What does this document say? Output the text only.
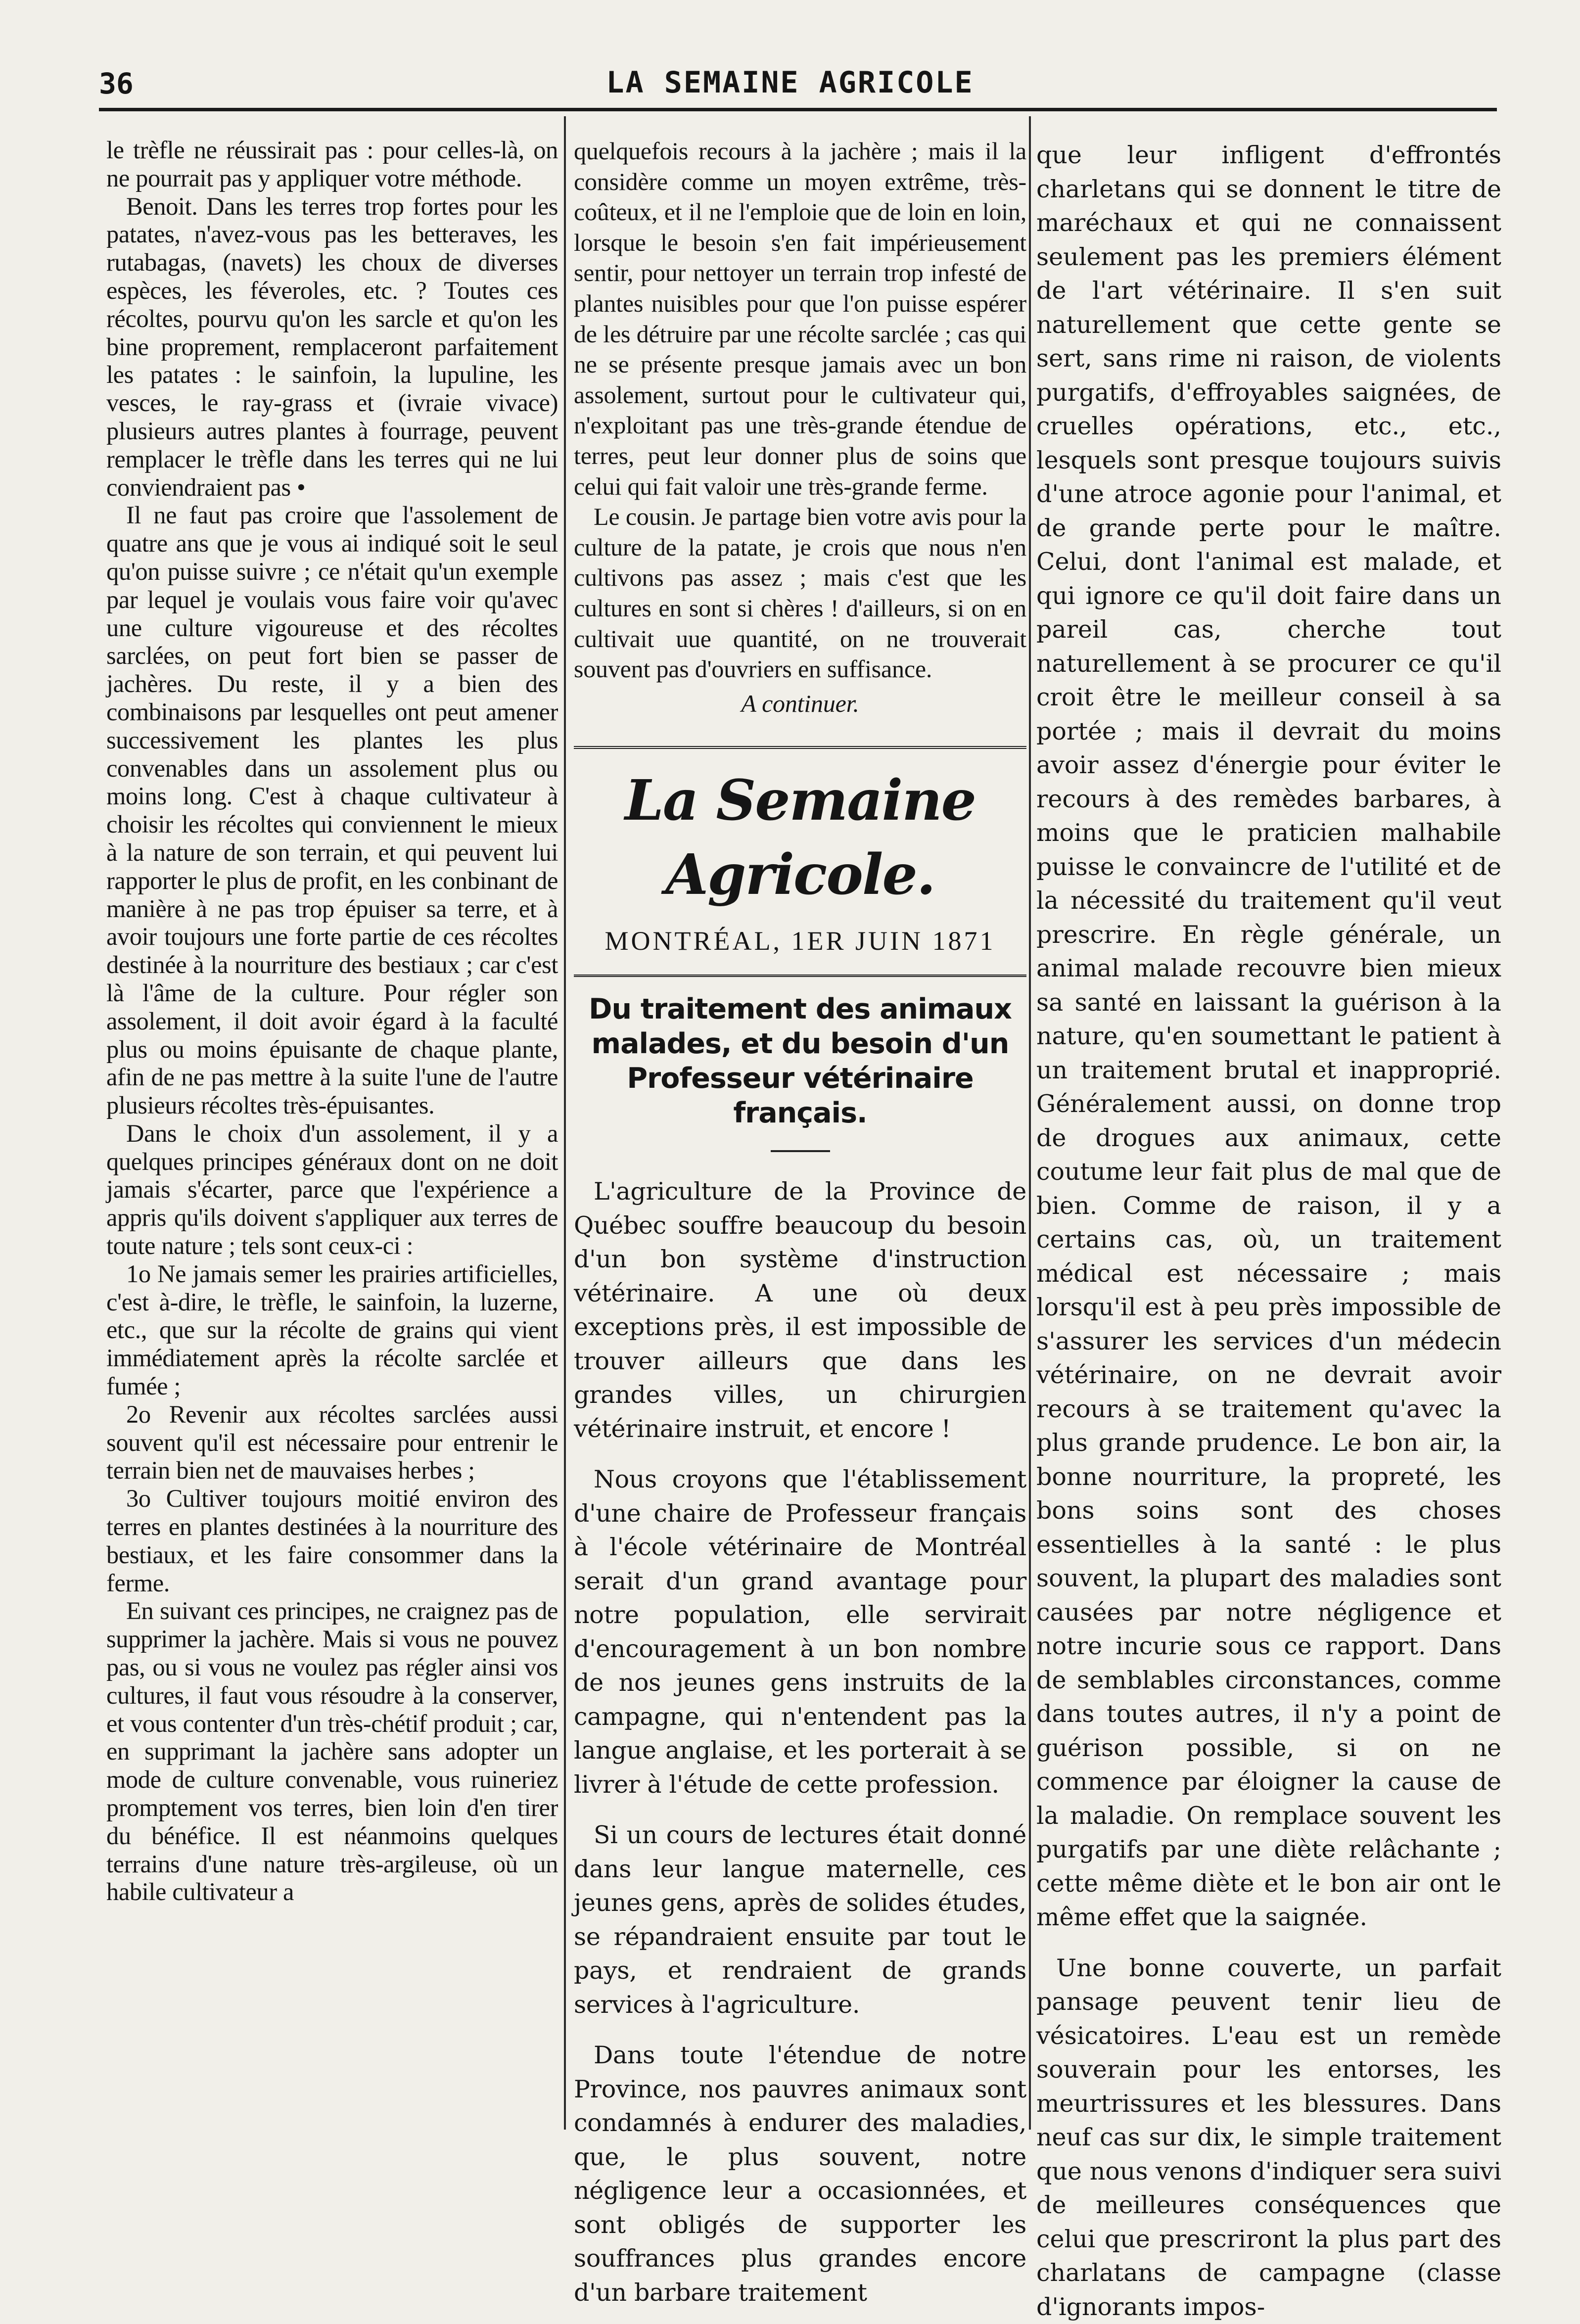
36	LA SEMAINE AGRICOLE

le trèfle ne réussirait pas : pour celles-là, on ne pourrait pas y appliquer votre méthode.

Benoit. Dans les terres trop fortes pour les patates, n'avez-vous pas les betteraves, les rutabagas, (navets) les choux de diverses espèces, les féveroles, etc. ? Toutes ces récoltes, pourvu qu'on les sarcle et qu'on les bine proprement, remplaceront parfaitement les patates : le sainfoin, la lupuline, les vesces, le ray-grass et (ivraie vivace) plusieurs autres plantes à fourrage, peuvent remplacer le trèfle dans les terres qui ne lui conviendraient pas •

Il ne faut pas croire que l'assolement de quatre ans que je vous ai indiqué soit le seul qu'on puisse suivre ; ce n'était qu'un exemple par lequel je voulais vous faire voir qu'avec une culture vigoureuse et des récoltes sarclées, on peut fort bien se passer de jachères. Du reste, il y a bien des combinaisons par lesquelles ont peut amener successivement les plantes les plus convenables dans un assolement plus ou moins long. C'est à chaque cultivateur à choisir les récoltes qui conviennent le mieux à la nature de son terrain, et qui peuvent lui rapporter le plus de profit, en les conbinant de manière à ne pas trop épuiser sa terre, et à avoir toujours une forte partie de ces récoltes destinée à la nourriture des bestiaux ; car c'est là l'âme de la culture. Pour régler son assolement, il doit avoir égard à la faculté plus ou moins épuisante de chaque plante, afin de ne pas mettre à la suite l'une de l'autre plusieurs récoltes très-épuisantes.

Dans le choix d'un assolement, il y a quelques principes généraux dont on ne doit jamais s'écarter, parce que l'expérience a appris qu'ils doivent s'appliquer aux terres de toute nature ; tels sont ceux-ci :

1o Ne jamais semer les prairies artificielles, c'est à-dire, le trèfle, le sainfoin, la luzerne, etc., que sur la récolte de grains qui vient immédiatement après la récolte sarclée et fumée ;

2o Revenir aux récoltes sarclées aussi souvent qu'il est nécessaire pour entrenir le terrain bien net de mauvaises herbes ;

3o Cultiver toujours moitié environ des terres en plantes destinées à la nourriture des bestiaux, et les faire consommer dans la ferme.

En suivant ces principes, ne craignez pas de supprimer la jachère. Mais si vous ne pouvez pas, ou si vous ne voulez pas régler ainsi vos cultures, il faut vous résoudre à la conserver, et vous contenter d'un très-chétif produit ; car, en supprimant la jachère sans adopter un mode de culture convenable, vous ruineriez promptement vos terres, bien loin d'en tirer du bénéfice. Il est néanmoins quelques terrains d'une nature très-argileuse, où un habile cultivateur a

quelquefois recours à la jachère ; mais il la considère comme un moyen extrême, très-coûteux, et il ne l'emploie que de loin en loin, lorsque le besoin s'en fait impérieusement sentir, pour nettoyer un terrain trop infesté de plantes nuisibles pour que l'on puisse espérer de les détruire par une récolte sarclée ; cas qui ne se présente presque jamais avec un bon assolement, surtout pour le cultivateur qui, n'exploitant pas une très-grande étendue de terres, peut leur donner plus de soins que celui qui fait valoir une très-grande ferme.

Le cousin. Je partage bien votre avis pour la culture de la patate, je crois que nous n'en cultivons pas assez ; mais c'est que les cultures en sont si chères ! d'ailleurs, si on en cultivait uue quantité, on ne trouverait souvent pas d'ouvriers en suffisance.

A continuer.

La Semaine Agricole.
MONTRÉAL, 1ER JUIN 1871
Du traitement des animaux malades, et du besoin d'un Professeur vétérinaire français.

L'agriculture de la Province de Québec souffre beaucoup du besoin d'un bon système d'instruction vétérinaire. A une où deux exceptions près, il est impossible de trouver ailleurs que dans les grandes villes, un chirurgien vétérinaire instruit, et encore !

Nous croyons que l'établissement d'une chaire de Professeur français à l'école vétérinaire de Montréal serait d'un grand avantage pour notre population, elle servirait d'encouragement à un bon nombre de nos jeunes gens instruits de la campagne, qui n'entendent pas la langue anglaise, et les porterait à se livrer à l'étude de cette profession.

Si un cours de lectures était donné dans leur langue maternelle, ces jeunes gens, après de solides études, se répandraient ensuite par tout le pays, et rendraient de grands services à l'agriculture.

Dans toute l'étendue de notre Province, nos pauvres animaux sont condamnés à endurer des maladies, que, le plus souvent, notre négligence leur a occasionnées, et sont obligés de supporter les souffrances plus grandes encore d'un barbare traitement

que leur infligent d'effrontés charletans qui se donnent le titre de maréchaux et qui ne connaissent seulement pas les premiers élément de l'art vétérinaire. Il s'en suit naturellement que cette gente se sert, sans rime ni raison, de violents purgatifs, d'effroyables saignées, de cruelles opérations, etc., etc., lesquels sont presque toujours suivis d'une atroce agonie pour l'animal, et de grande perte pour le maître. Celui, dont l'animal est malade, et qui ignore ce qu'il doit faire dans un pareil cas, cherche tout naturellement à se procurer ce qu'il croit être le meilleur conseil à sa portée ; mais il devrait du moins avoir assez d'énergie pour éviter le recours à des remèdes barbares, à moins que le praticien malhabile puisse le convaincre de l'utilité et de la nécessité du traitement qu'il veut prescrire. En règle générale, un animal malade recouvre bien mieux sa santé en laissant la guérison à la nature, qu'en soumettant le patient à un traitement brutal et inapproprié. Généralement aussi, on donne trop de drogues aux animaux, cette coutume leur fait plus de mal que de bien. Comme de raison, il y a certains cas, où, un traitement médical est nécessaire ; mais lorsqu'il est à peu près impossible de s'assurer les services d'un médecin vétérinaire, on ne devrait avoir recours à se traitement qu'avec la plus grande prudence. Le bon air, la bonne nourriture, la propreté, les bons soins sont des choses essentielles à la santé : le plus souvent, la plupart des maladies sont causées par notre négligence et notre incurie sous ce rapport. Dans de semblables circonstances, comme dans toutes autres, il n'y a point de guérison possible, si on ne commence par éloigner la cause de la maladie. On remplace souvent les purgatifs par une diète relâchante ; cette même diète et le bon air ont le même effet que la saignée.

Une bonne couverte, un parfait pansage peuvent tenir lieu de vésicatoires. L'eau est un remède souverain pour les entorses, les meurtrissures et les blessures. Dans neuf cas sur dix, le simple traitement que nous venons d'indiquer sera suivi de meilleures conséquences que celui que prescriront la plus part des charlatans de campagne (classe d'ignorants impos-
